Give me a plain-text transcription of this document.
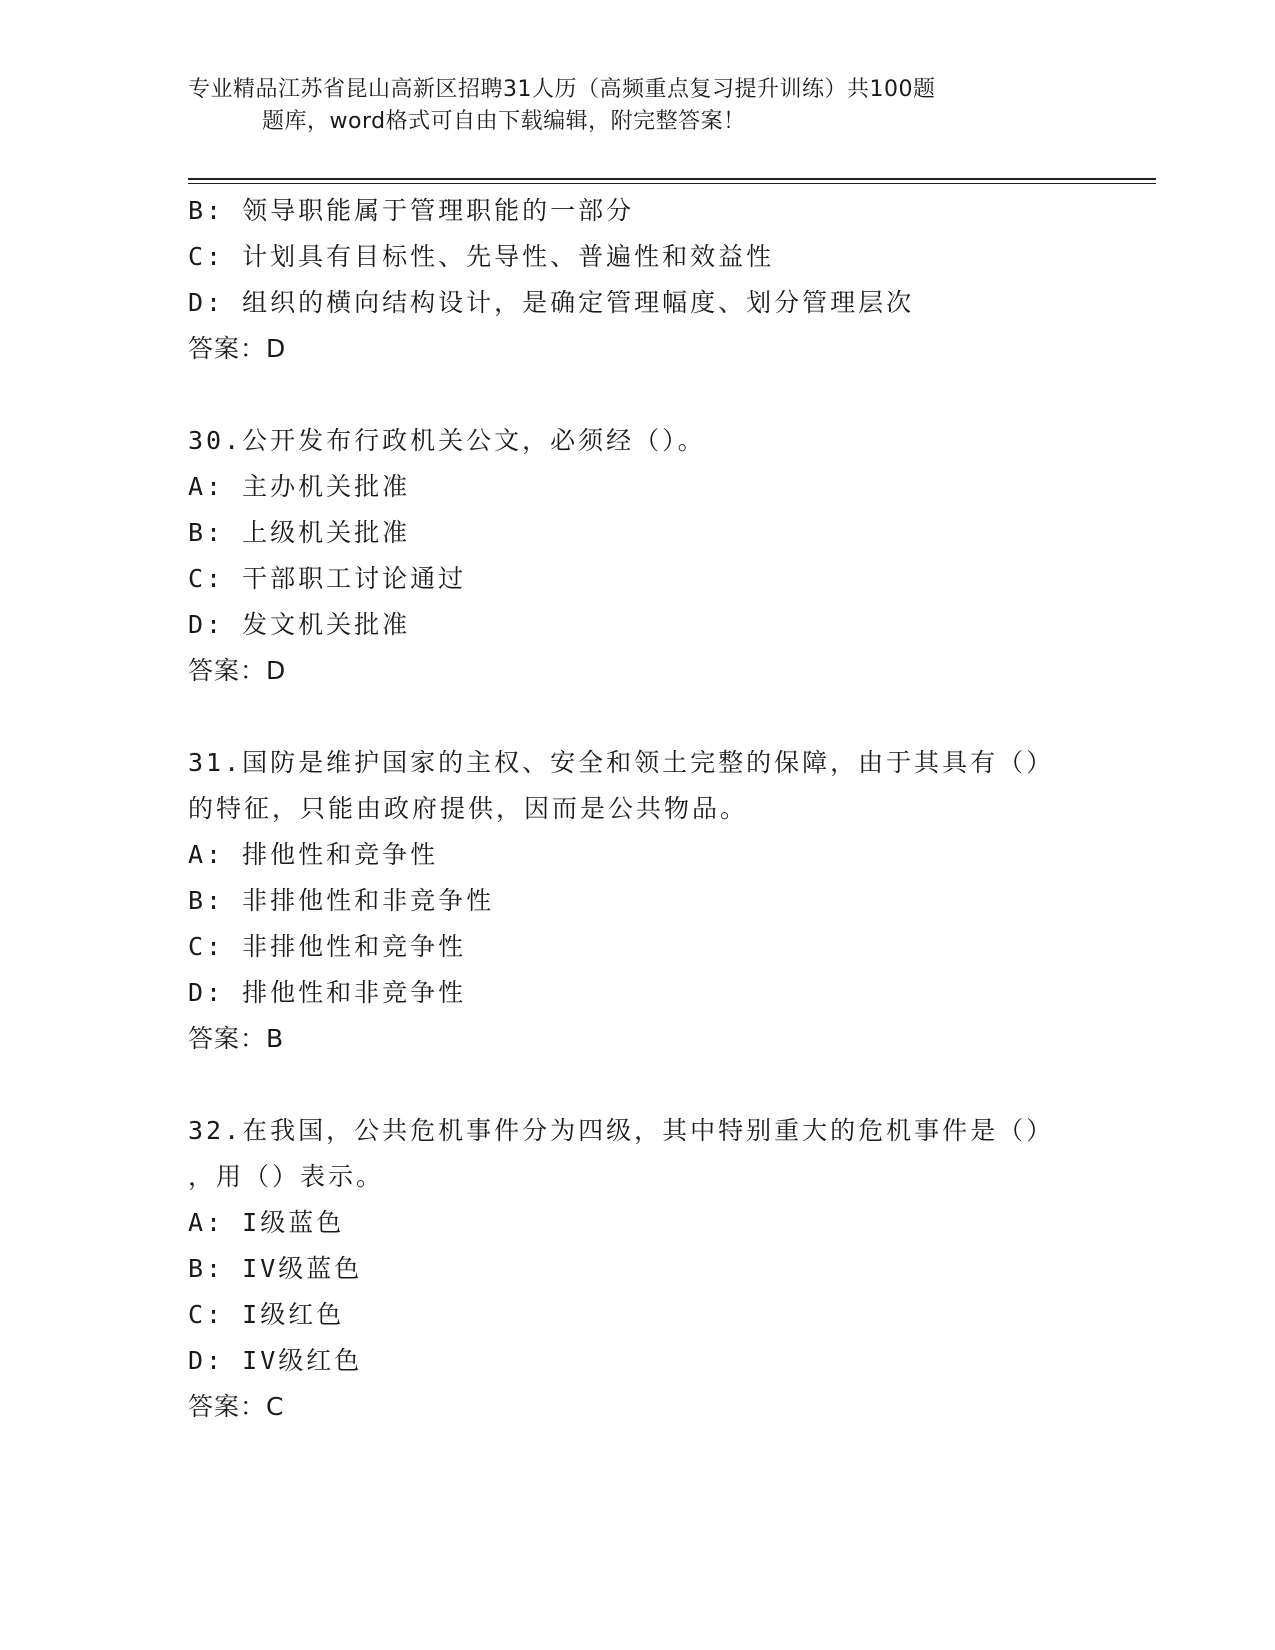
专业精品江苏省昆山高新区招聘31人历（高频重点复习提升训练）共100题
题库，word格式可自由下载编辑，附完整答案！
B: 领导职能属于管理职能的一部分
C: 计划具有目标性、先导性、普遍性和效益性
D: 组织的横向结构设计，是确定管理幅度、划分管理层次
答案：D
30.公开发布行政机关公文，必须经（）。
A: 主办机关批准
B: 上级机关批准
C: 干部职工讨论通过
D: 发文机关批准
答案：D
31.国防是维护国家的主权、安全和领土完整的保障，由于其具有（）
的特征，只能由政府提供，因而是公共物品。
A: 排他性和竞争性
B: 非排他性和非竞争性
C: 非排他性和竞争性
D: 排他性和非竞争性
答案：B
32.在我国，公共危机事件分为四级，其中特别重大的危机事件是（）
，用（）表示。
A: I级蓝色
B: IV级蓝色
C: I级红色
D: IV级红色
答案：C
